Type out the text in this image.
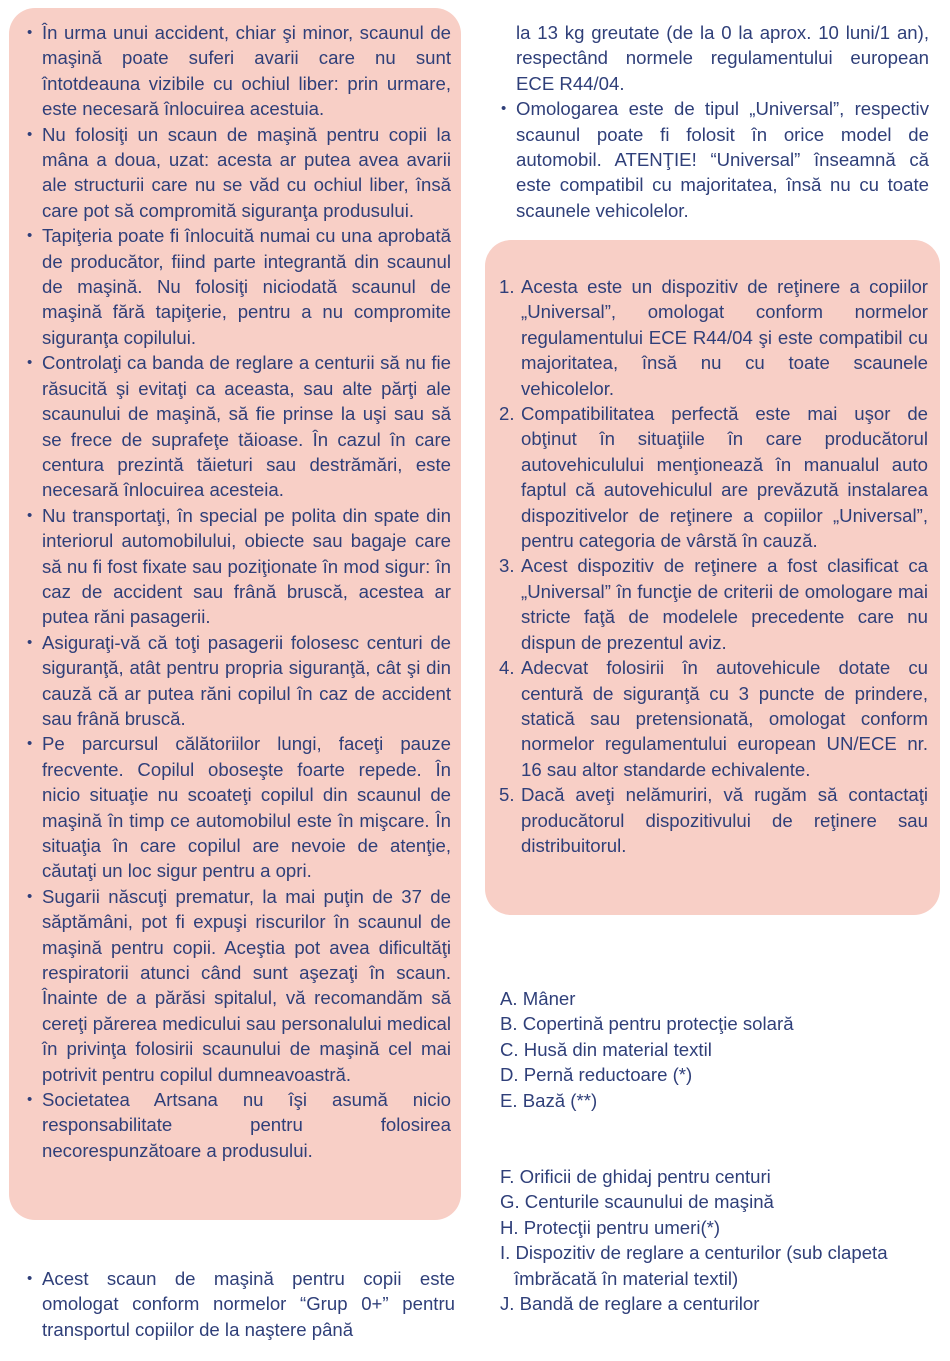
• În urma unui accident, chiar şi minor, scaunul de maşină poate suferi avarii care nu sunt întotdeauna vizibile cu ochiul liber: prin urmare, este necesară înlocuirea acestuia.
• Nu folosiţi un scaun de maşină pentru copii la mâna a doua, uzat: acesta ar putea avea avarii ale structurii care nu se văd cu ochiul liber, însă care pot să compromită siguranţa produsului.
• Tapiţeria poate fi înlocuită numai cu una aprobată de producător, fiind parte integrantă din scaunul de maşină. Nu folosiţi niciodată scaunul de maşină fără tapiţerie, pentru a nu compromite siguranţa copilului.
• Controlaţi ca banda de reglare a centurii să nu fie răsucită şi evitaţi ca aceasta, sau alte părţi ale scaunului de maşină, să fie prinse la uşi sau să se frece de suprafeţe tăioase. În cazul în care centura prezintă tăieturi sau destrămări, este necesară înlocuirea acesteia.
• Nu transportaţi, în special pe polita din spate din interiorul automobilului, obiecte sau bagaje care să nu fi fost fixate sau poziţionate în mod sigur: în caz de accident sau frână bruscă, acestea ar putea răni pasagerii.
• Asiguraţi-vă că toţi pasagerii folosesc centuri de siguranţă, atât pentru propria siguranţă, cât şi din cauză că ar putea răni copilul în caz de accident sau frână bruscă.
• Pe parcursul călătoriilor lungi, faceţi pauze frecvente. Copilul oboseşte foarte repede. În nicio situaţie nu scoateţi copilul din scaunul de maşină în timp ce automobilul este în mişcare. În situaţia în care copilul are nevoie de atenţie, căutaţi un loc sigur pentru a opri.
• Sugarii născuţi prematur, la mai puţin de 37 de săptămâni, pot fi expuşi riscurilor în scaunul de maşină pentru copii. Aceştia pot avea dificultăţi respiratorii atunci când sunt aşezaţi în scaun. Înainte de a părăsi spitalul, vă recomandăm să cereţi părerea medicului sau personalului medical în privinţa folosirii scaunului de maşină cel mai potrivit pentru copilul dumneavoastră.
• Societatea Artsana nu îşi asumă nicio responsabilitate pentru folosirea necorespunzătoare a produsului.
• Acest scaun de maşină pentru copii este omologat conform normelor “Grup 0+” pentru transportul copiilor de la naştere până
la 13 kg greutate (de la 0 la aprox. 10 luni/1 an), respectând normele regulamentului european ECE R44/04.
• Omologarea este de tipul „Universal”, respectiv scaunul poate fi folosit în orice model de automobil. ATENŢIE! “Universal” înseamnă că este compatibil cu majoritatea, însă nu cu toate scaunele vehicolelor.
1. Acesta este un dispozitiv de reţinere a copiilor „Universal”, omologat conform normelor regulamentului ECE R44/04 şi este compatibil cu majoritatea, însă nu cu toate scaunele vehicolelor.
2. Compatibilitatea perfectă este mai uşor de obţinut în situaţiile în care producătorul autovehiculului menţionează în manualul auto faptul că autovehiculul are prevăzută instalarea dispozitivelor de reţinere a copiilor „Universal”, pentru categoria de vârstă în cauză.
3. Acest dispozitiv de reţinere a fost clasificat ca „Universal” în funcţie de criterii de omologare mai stricte faţă de modelele precedente care nu dispun de prezentul aviz.
4. Adecvat folosirii în autovehicule dotate cu centură de siguranţă cu 3 puncte de prindere, statică sau pretensionată, omologat conform normelor regulamentului european UN/ECE nr. 16 sau altor standarde echivalente.
5. Dacă aveţi nelămuriri, vă rugăm să contactaţi producătorul dispozitivului de reţinere sau distribuitorul.
A. Mâner
B. Copertină pentru protecţie solară
C. Husă din material textil
D. Pernă reductoare (*)
E. Bază (**)
F. Orificii de ghidaj pentru centuri
G. Centurile scaunului de maşină
H. Protecţii pentru umeri(*)
I. Dispozitiv de reglare a centurilor (sub clapeta
îmbrăcată în material textil)
J. Bandă de reglare a centurilor
